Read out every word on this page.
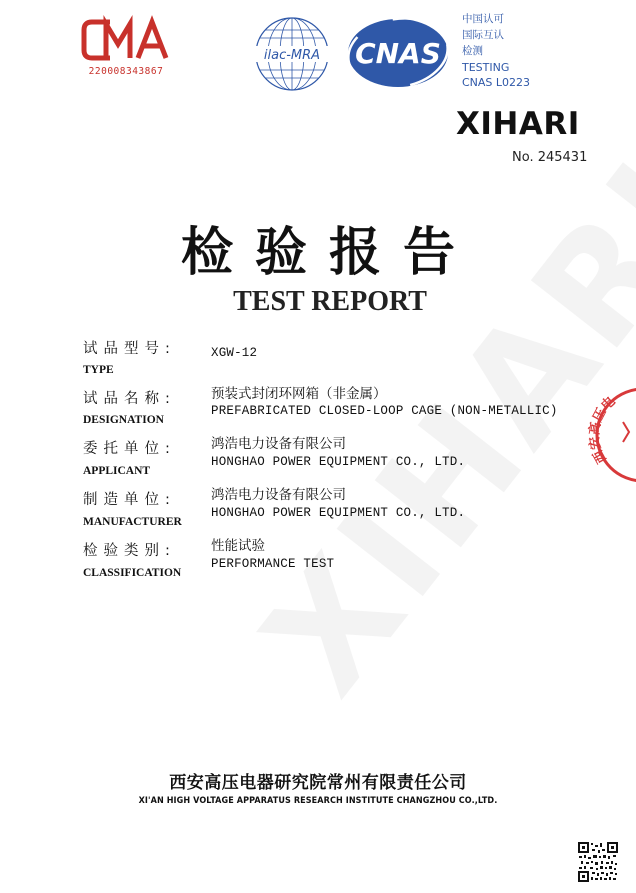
220008343867
ilac-MRA CNAS
中国认可
国际互认
检测
TESTING
CNAS L0223
XIHARI
No. 245431
检验报告
TEST REPORT
试品型号:
TYPE
XGW-12
试品名称:
DESIGNATION
预装式封闭环网箱（非金属）
PREFABRICATED CLOSED-LOOP CAGE (NON-METALLIC)
委托单位:
APPLICANT
鸿浩电力设备有限公司
HONGHAO POWER EQUIPMENT CO., LTD.
制造单位:
MANUFACTURER
鸿浩电力设备有限公司
HONGHAO POWER EQUIPMENT CO., LTD.
检验类别:
CLASSIFICATION
性能试验
PERFORMANCE TEST
西安高压电
西安高压电器研究院常州有限责任公司
XI'AN HIGH VOLTAGE APPARATUS RESEARCH INSTITUTE CHANGZHOU CO.,LTD.
